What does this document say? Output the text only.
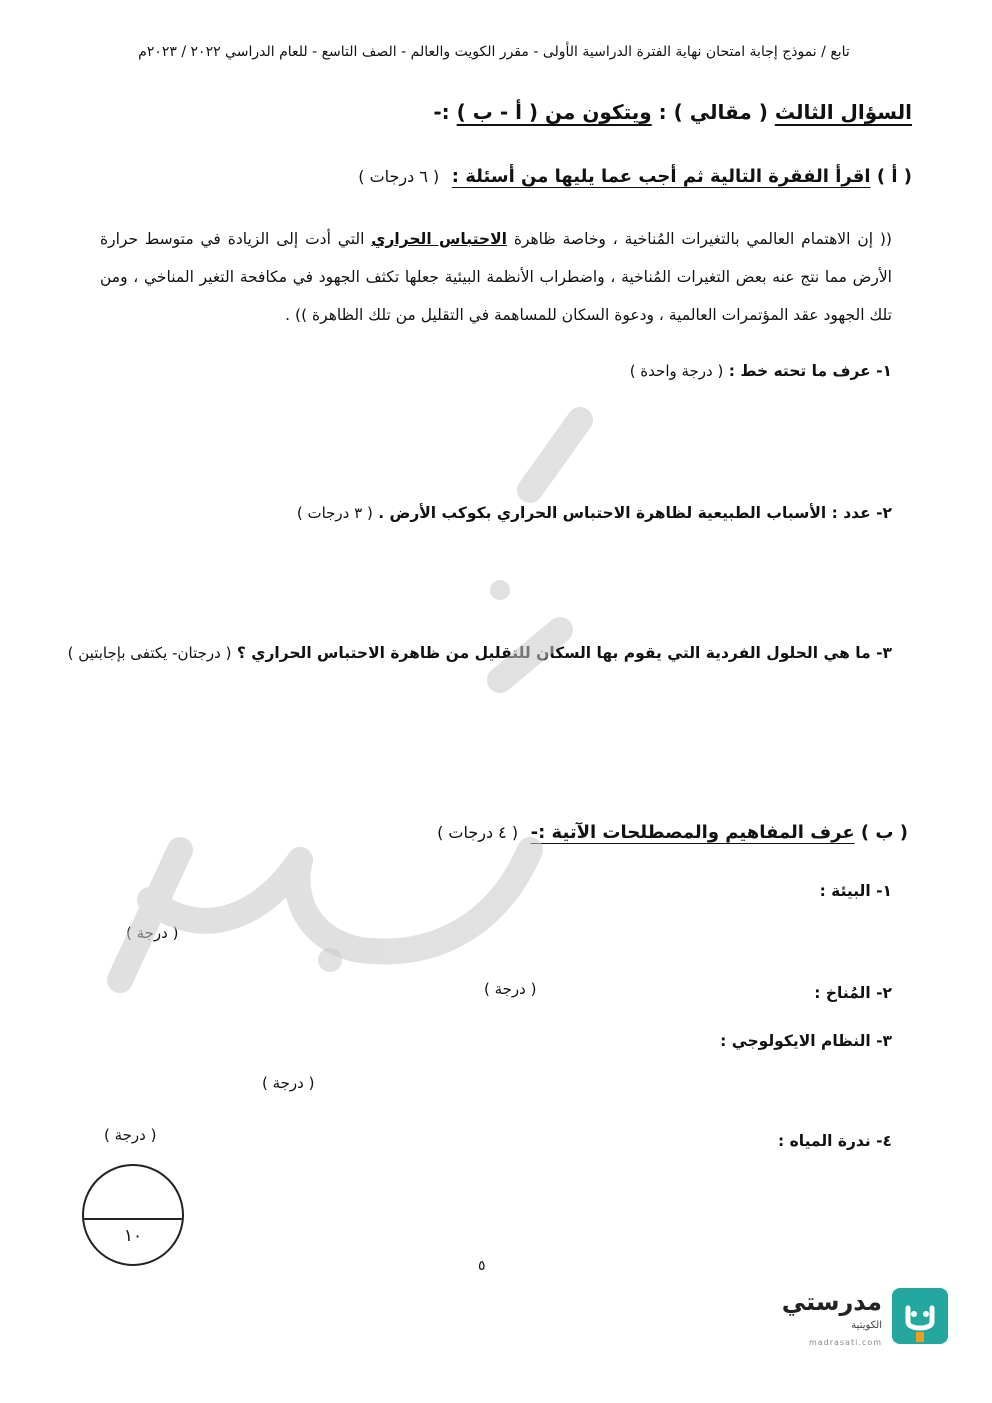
تابع / نموذج إجابة امتحان نهاية الفترة الدراسية الأولى - مقرر الكويت والعالم - الصف التاسع - للعام الدراسي ٢٠٢٢ / ٢٠٢٣م
السؤال الثالث ( مقالي ) : ويتكون من ( أ - ب ) :-
( أ ) اقرأ الفقرة التالية ثم أجب عما يليها من أسئلة :  ( ٦ درجات )
(( إن الاهتمام العالمي بالتغيرات المُناخية ، وخاصة ظاهرة الاحتباس الحراري التي أدت إلى الزيادة في متوسط حرارة الأرض مما نتج عنه بعض التغيرات المُناخية ، واضطراب الأنظمة البيئية جعلها تكثف الجهود في مكافحة التغير المناخي ، ومن تلك الجهود عقد المؤتمرات العالمية ، ودعوة السكان للمساهمة في التقليل من تلك الظاهرة )) .
١- عرف ما تحته خط : ( درجة واحدة )
٢- عدد : الأسباب الطبيعية لظاهرة الاحتباس الحراري بكوكب الأرض . ( ٣ درجات )
٣- ما هي الحلول الفردية التي يقوم بها السكان للتقليل من ظاهرة الاحتباس الحراري ؟ ( درجتان- يكتفى بإجابتين )
( ب ) عرف المفاهيم والمصطلحات الآتية :-  ( ٤ درجات )
١- البيئة :
( درجة )
٢- المُناخ :
( درجة )
٣- النظام الايكولوجي :
( درجة )
٤- ندرة المياه :
( درجة )
١٠
٥
مدرستي
الكويتية
madrasati.com
